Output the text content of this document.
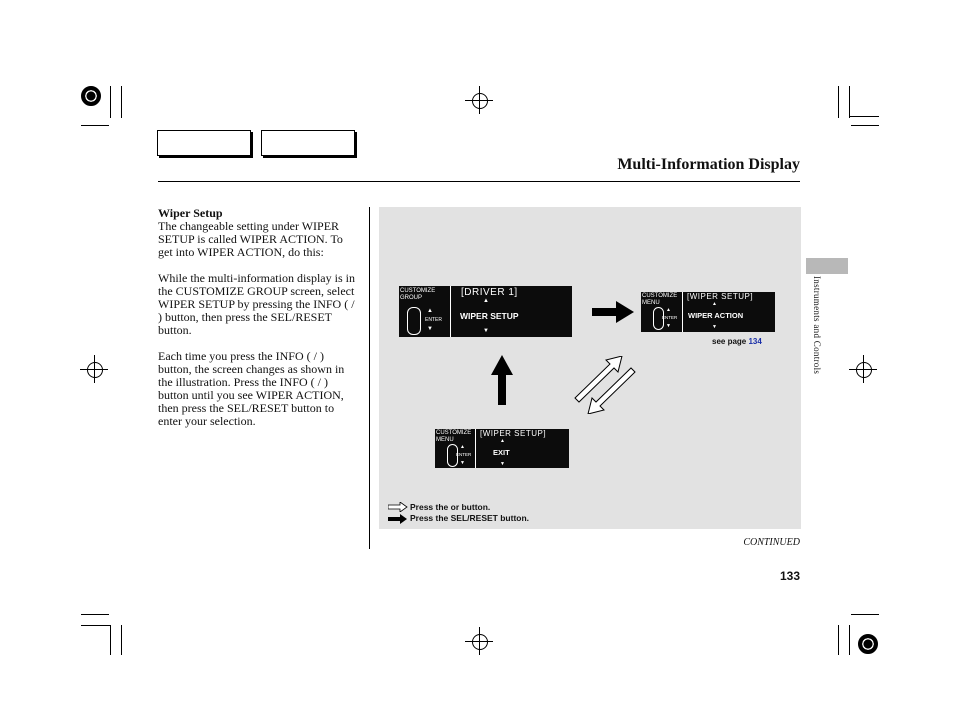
Multi-Information Display

Wiper Setup

The changeable setting under WIPER SETUP is called WIPER ACTION. To get into WIPER ACTION, do this:

While the multi-information display is in the CUSTOMIZE GROUP screen, select WIPER SETUP by pressing the INFO ( / ) button, then press the SEL/RESET button.

Each time you press the INFO ( / ) button, the screen changes as shown in the illustration. Press the INFO ( / ) button until you see WIPER ACTION, then press the SEL/RESET button to enter your selection.

CUSTOMIZE
GROUP
▲
ENTER
▼
[DRIVER 1]
▲
WIPER SETUP
▼
CUSTOMIZE
MENU
▲
ENTER
▼
[WIPER SETUP]
▲
WIPER ACTION
▼
CUSTOMIZE
MENU
▲
ENTER
▼
[WIPER SETUP]
▲
EXIT
▼
see page 134
Press the or button.
Press the SEL/RESET button.
Instruments and Controls
CONTINUED
133
